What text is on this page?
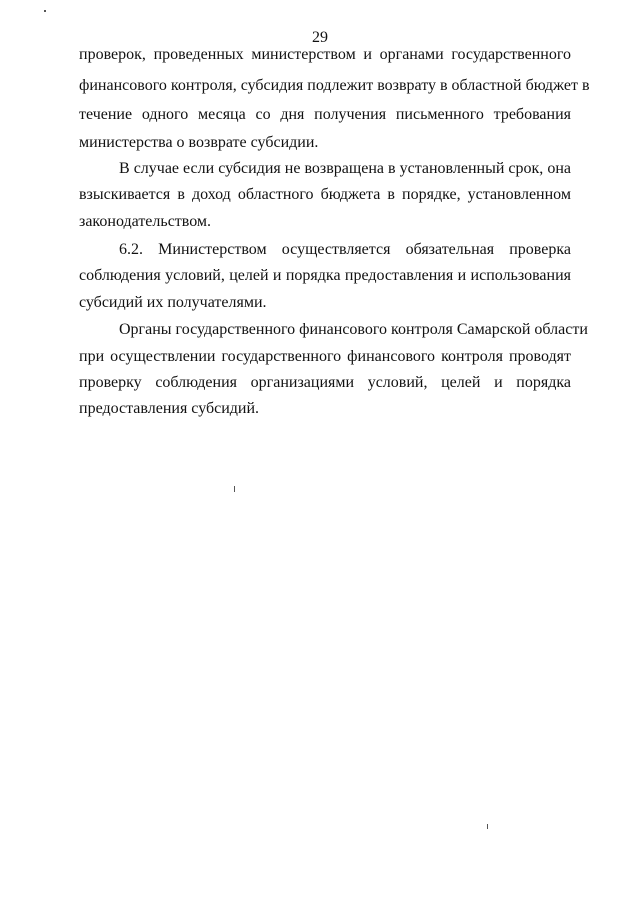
29
проверок, проведенных министерством и органами государственного
финансового контроля, субсидия подлежит возврату в областной бюджет в
течение одного месяца со дня получения письменного требования
министерства о возврате субсидии.
В случае если субсидия не возвращена в установленный срок, она
взыскивается в доход областного бюджета в порядке, установленном
законодательством.
6.2. Министерством осуществляется обязательная проверка
соблюдения условий, целей и порядка предоставления и использования
субсидий их получателями.
Органы государственного финансового контроля Самарской области
при осуществлении государственного финансового контроля проводят
проверку соблюдения организациями условий, целей и порядка
предоставления субсидий.
